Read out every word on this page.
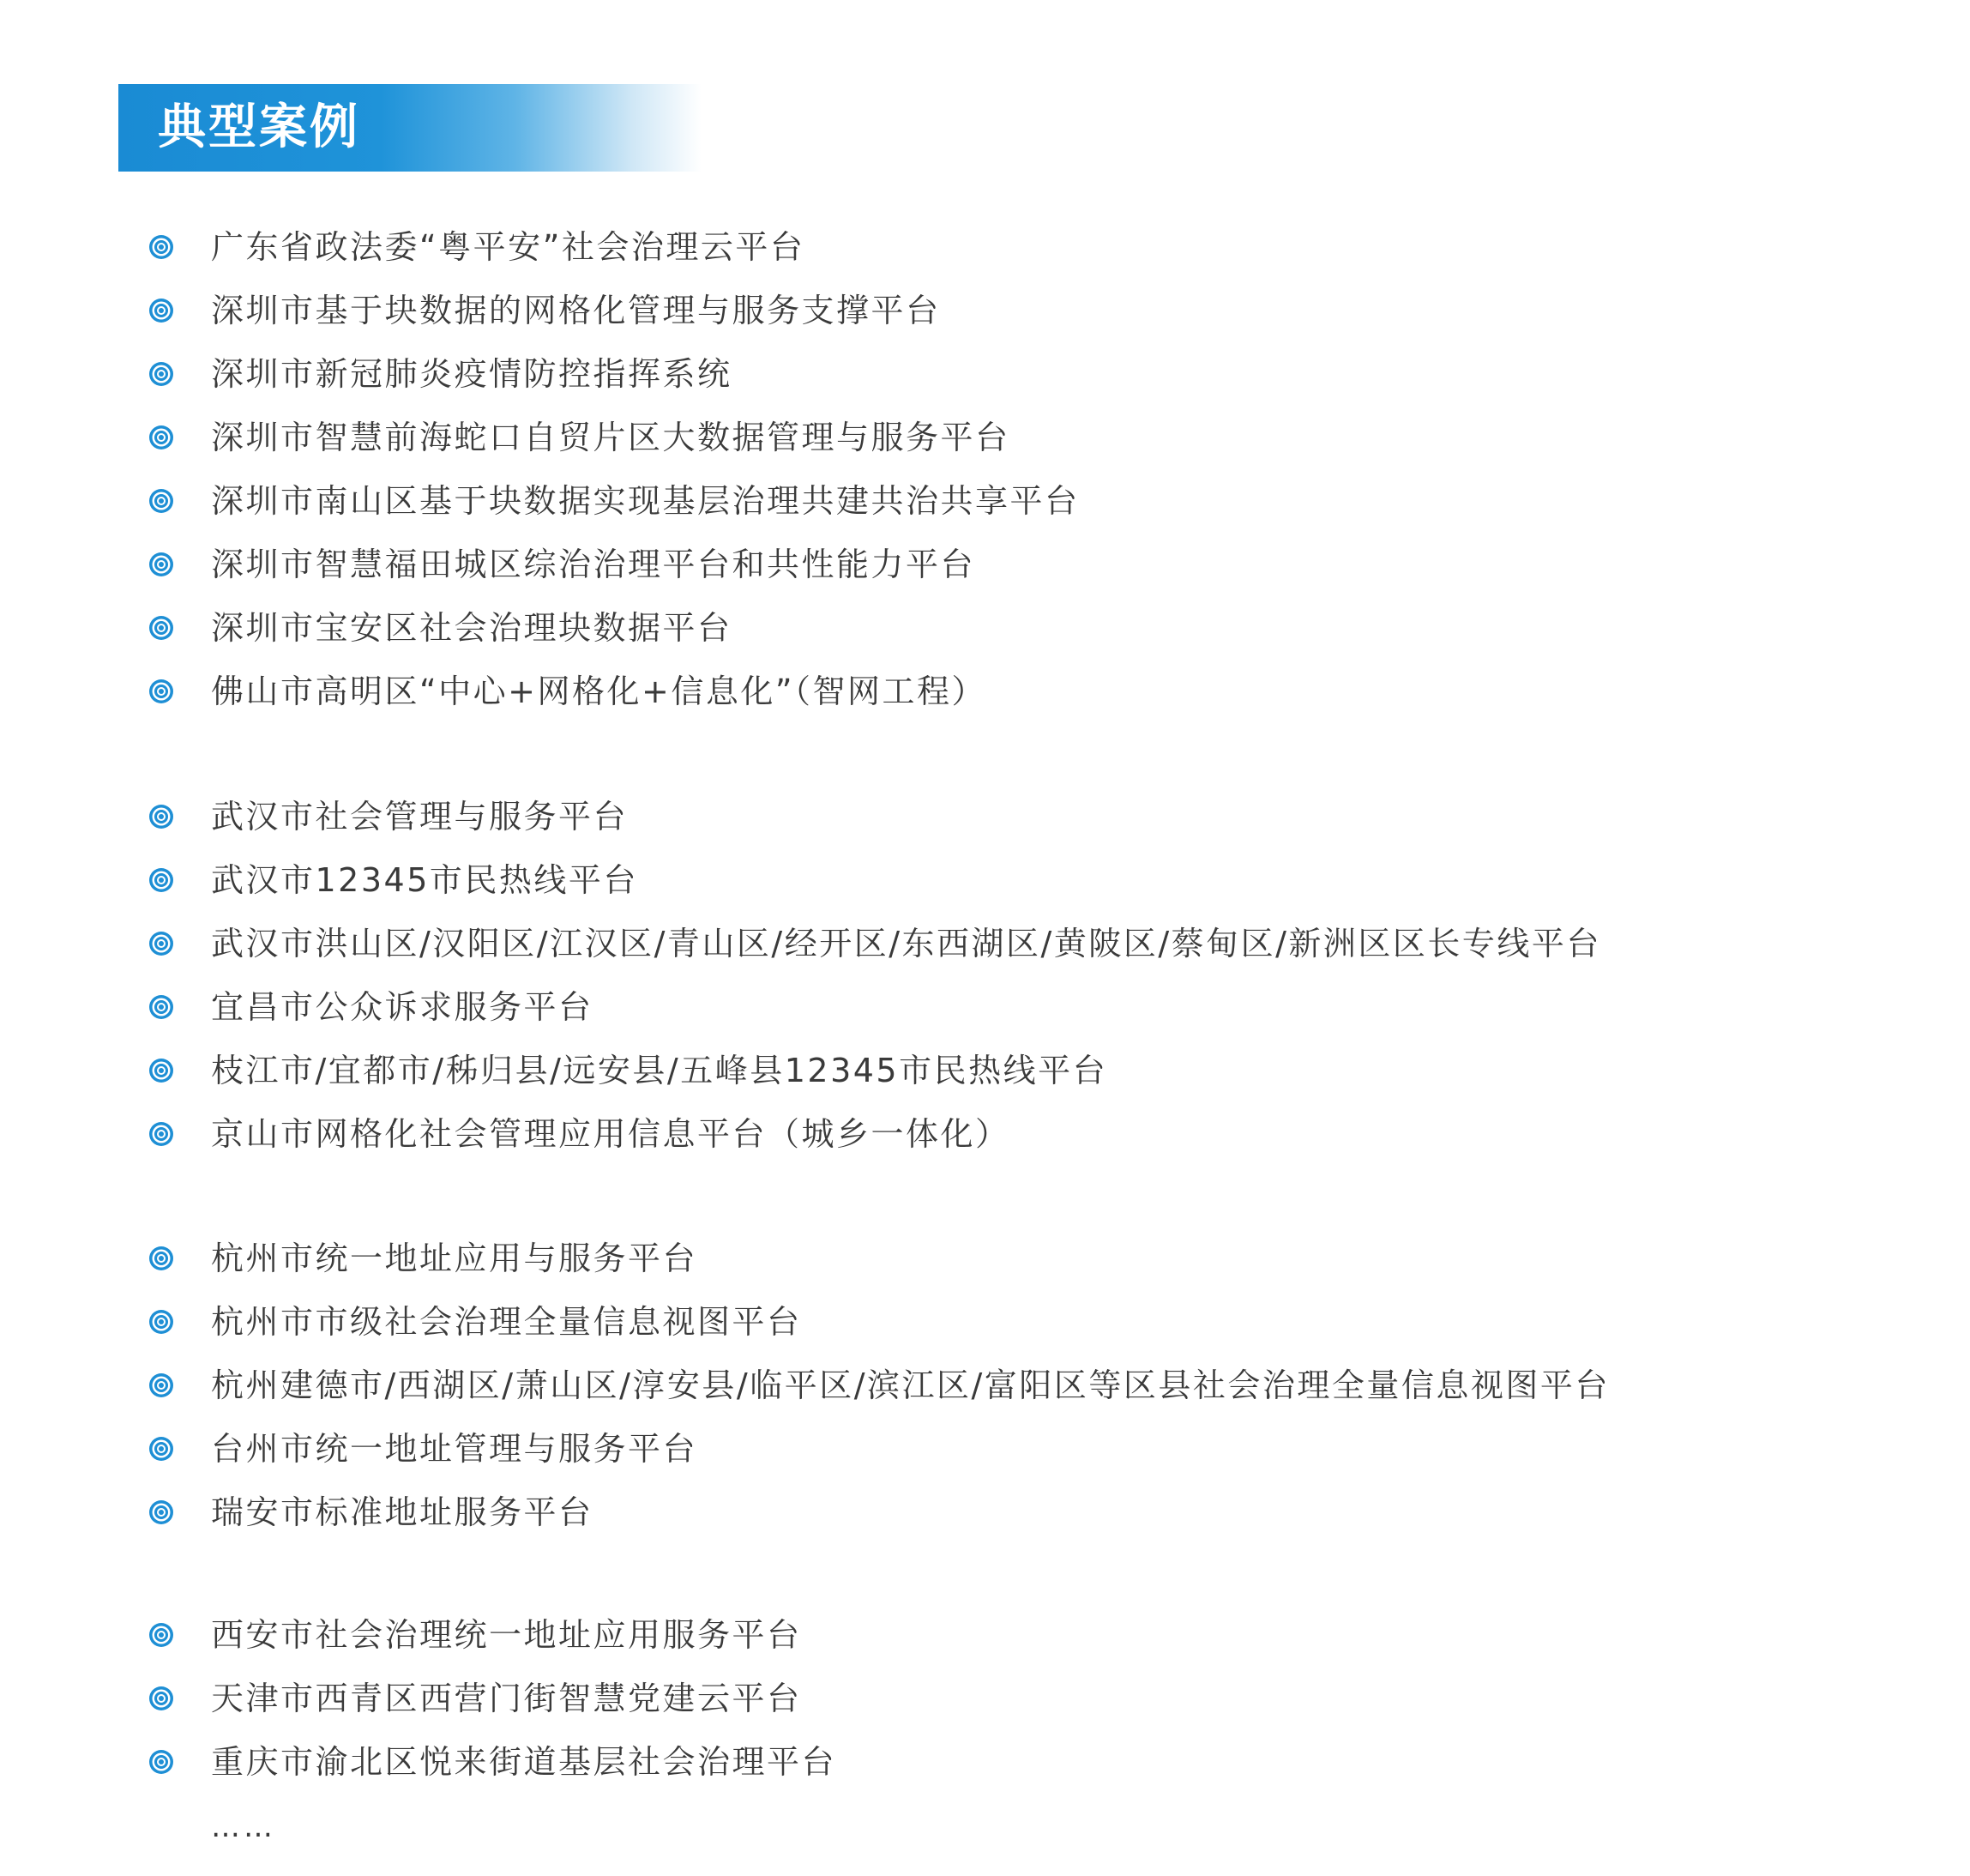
典型案例
广东省政法委“粤平安”社会治理云平台
深圳市基于块数据的网格化管理与服务支撑平台
深圳市新冠肺炎疫情防控指挥系统
深圳市智慧前海蛇口自贸片区大数据管理与服务平台
深圳市南山区基于块数据实现基层治理共建共治共享平台
深圳市智慧福田城区综治治理平台和共性能力平台
深圳市宝安区社会治理块数据平台
佛山市高明区“中心+网格化+信息化”（智网工程）
武汉市社会管理与服务平台
武汉市12345市民热线平台
武汉市洪山区/汉阳区/江汉区/青山区/经开区/东西湖区/黄陂区/蔡甸区/新洲区区长专线平台
宜昌市公众诉求服务平台
枝江市/宜都市/秭归县/远安县/五峰县12345市民热线平台
京山市网格化社会管理应用信息平台（城乡一体化）
杭州市统一地址应用与服务平台
杭州市市级社会治理全量信息视图平台
杭州建德市/西湖区/萧山区/淳安县/临平区/滨江区/富阳区等区县社会治理全量信息视图平台
台州市统一地址管理与服务平台
瑞安市标准地址服务平台
西安市社会治理统一地址应用服务平台
天津市西青区西营门街智慧党建云平台
重庆市渝北区悦来街道基层社会治理平台
……
